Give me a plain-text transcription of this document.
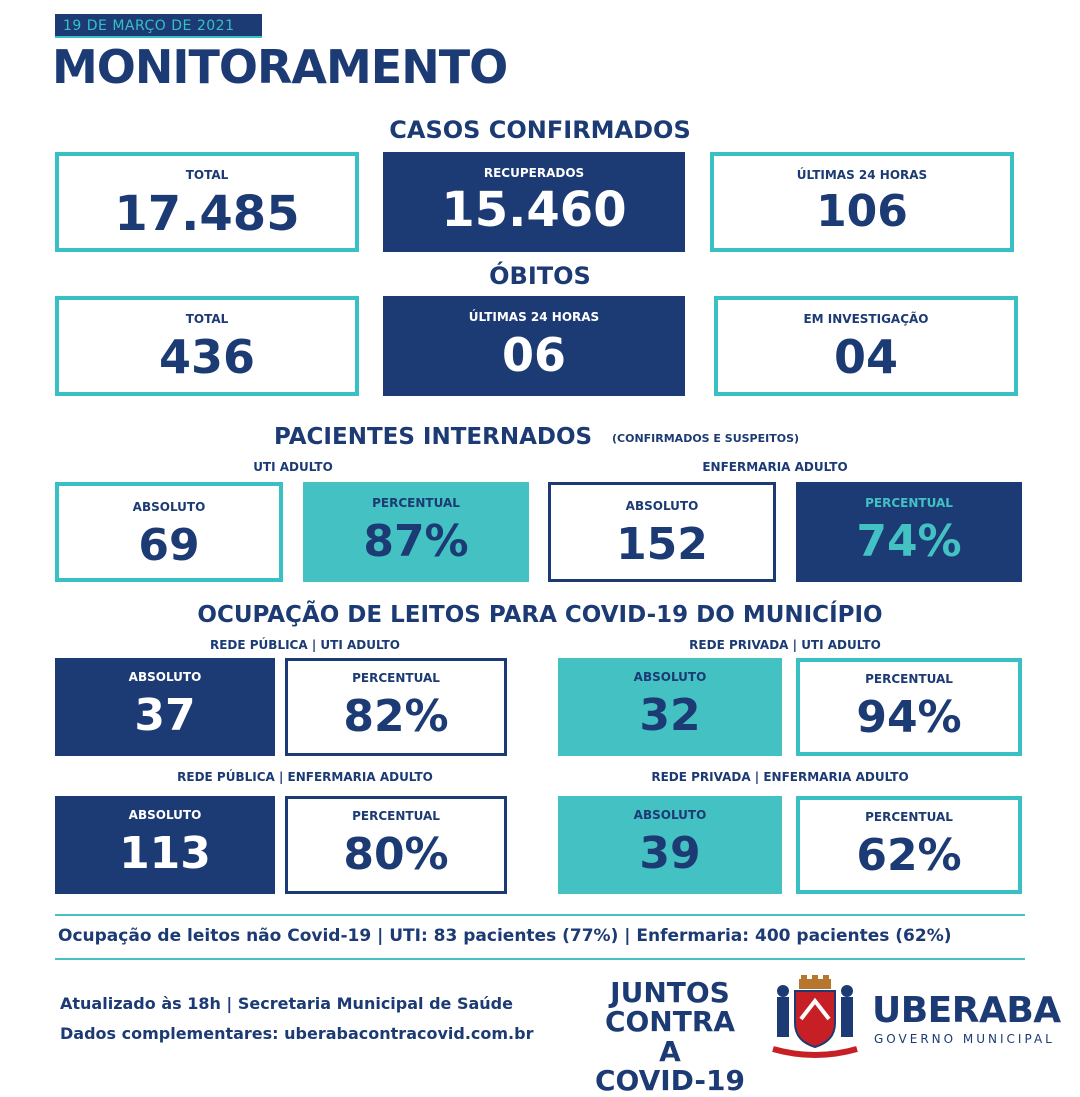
19 DE MARÇO DE 2021
MONITORAMENTO
CASOS CONFIRMADOS
TOTAL
17.485
RECUPERADOS
15.460
ÚLTIMAS 24 HORAS
106
ÓBITOS
TOTAL
436
ÚLTIMAS 24 HORAS
06
EM INVESTIGAÇÃO
04
PACIENTES INTERNADOS (CONFIRMADOS E SUSPEITOS)
UTI ADULTO	ENFERMARIA ADULTO
ABSOLUTO
69
PERCENTUAL
87%
ABSOLUTO
152
PERCENTUAL
74%
OCUPAÇÃO DE LEITOS PARA COVID-19 DO MUNICÍPIO
REDE PÚBLICA | UTI ADULTO	REDE PRIVADA | UTI ADULTO
ABSOLUTO
37
PERCENTUAL
82%
ABSOLUTO
32
PERCENTUAL
94%
REDE PÚBLICA | ENFERMARIA ADULTO	REDE PRIVADA | ENFERMARIA ADULTO
ABSOLUTO
113
PERCENTUAL
80%
ABSOLUTO
39
PERCENTUAL
62%
Ocupação de leitos não Covid-19 | UTI: 83 pacientes (77%) | Enfermaria: 400 pacientes (62%)
Atualizado às 18h | Secretaria Municipal de Saúde
Dados complementares: uberabacontracovid.com.br
JUNTOS
CONTRA A
COVID-19
UBERABA
GOVERNO MUNICIPAL
